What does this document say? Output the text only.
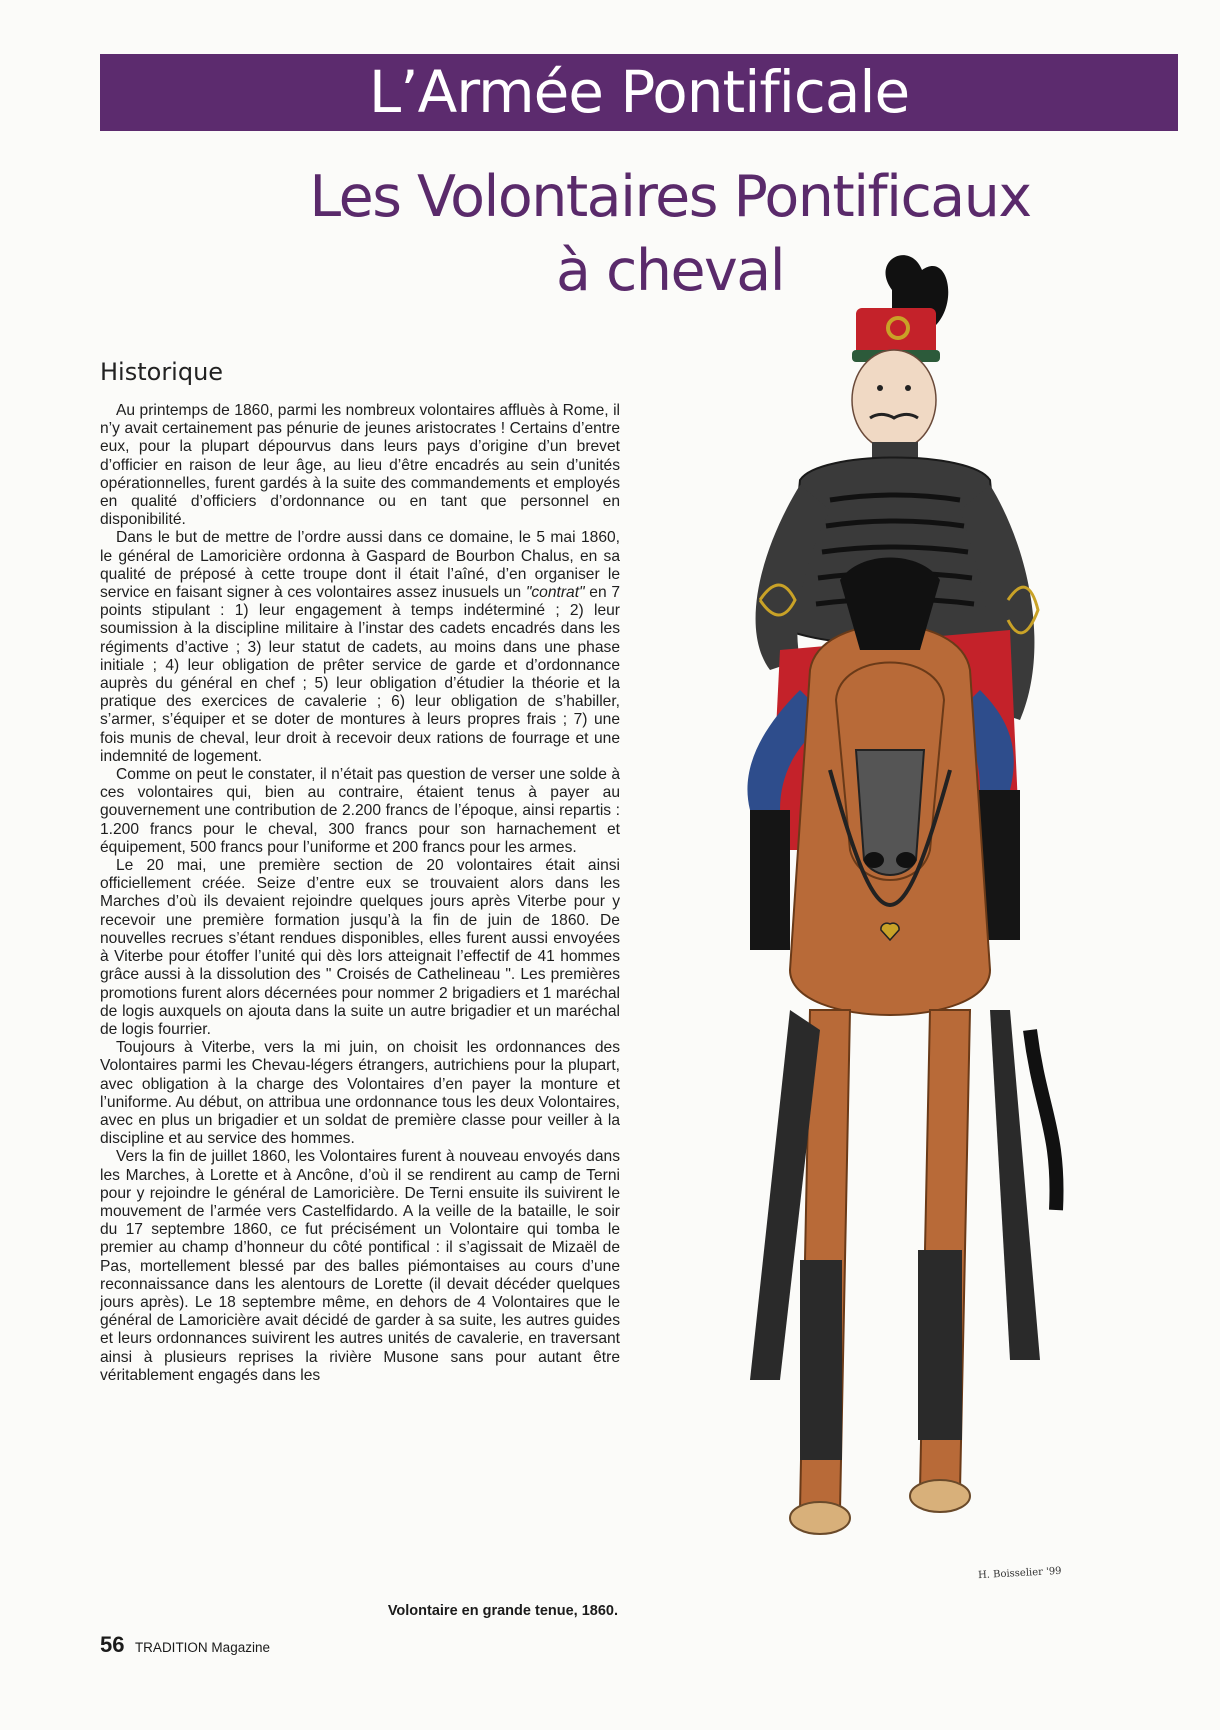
L’Armée Pontificale
Les Volontaires Pontificaux
à cheval
Historique

Au printemps de 1860, parmi les nombreux volontaires affluès à Rome, il n’y avait certainement pas pénurie de jeunes aristocrates ! Certains d’entre eux, pour la plupart dépourvus dans leurs pays d’origine d’un brevet d’officier en raison de leur âge, au lieu d’être encadrés au sein d’unités opérationnelles, furent gardés à la suite des commandements et employés en qualité d’officiers d’ordonnance ou en tant que personnel en disponibilité.

Dans le but de mettre de l’ordre aussi dans ce domaine, le 5 mai 1860, le général de Lamoricière ordonna à Gaspard de Bourbon Chalus, en sa qualité de préposé à cette troupe dont il était l’aîné, d’en organiser le service en faisant signer à ces volontaires assez inusuels un "contrat" en 7 points stipulant : 1) leur engagement à temps indéterminé ; 2) leur soumission à la discipline militaire à l’instar des cadets encadrés dans les régiments d’active ; 3) leur statut de cadets, au moins dans une phase initiale ; 4) leur obligation de prêter service de garde et d’ordonnance auprès du général en chef ; 5) leur obligation d’étudier la théorie et la pratique des exercices de cavalerie ; 6) leur obligation de s’habiller, s’armer, s’équiper et se doter de montures à leurs propres frais ; 7) une fois munis de cheval, leur droit à recevoir deux rations de fourrage et une indemnité de logement.

Comme on peut le constater, il n’était pas question de verser une solde à ces volontaires qui, bien au contraire, étaient tenus à payer au gouvernement une contribution de 2.200 francs de l’époque, ainsi repartis : 1.200 francs pour le cheval, 300 francs pour son harnachement et équipement, 500 francs pour l’uniforme et 200 francs pour les armes.

Le 20 mai, une première section de 20 volontaires était ainsi officiellement créée. Seize d’entre eux se trouvaient alors dans les Marches d’où ils devaient rejoindre quelques jours après Viterbe pour y recevoir une première formation jusqu’à la fin de juin de 1860. De nouvelles recrues s’étant rendues disponibles, elles furent aussi envoyées à Viterbe pour étoffer l’unité qui dès lors atteignait l’effectif de 41 hommes grâce aussi à la dissolution des " Croisés de Cathelineau ". Les premières promotions furent alors décernées pour nommer 2 brigadiers et 1 maréchal de logis auxquels on ajouta dans la suite un autre brigadier et un maréchal de logis fourrier.

Toujours à Viterbe, vers la mi juin, on choisit les ordonnances des Volontaires parmi les Chevau-légers étrangers, autrichiens pour la plupart, avec obligation à la charge des Volontaires d’en payer la monture et l’uniforme. Au début, on attribua une ordonnance tous les deux Volontaires, avec en plus un brigadier et un soldat de première classe pour veiller à la discipline et au service des hommes.

Vers la fin de juillet 1860, les Volontaires furent à nouveau envoyés dans les Marches, à Lorette et à Ancône, d’où il se rendirent au camp de Terni pour y rejoindre le général de Lamoricière. De Terni ensuite ils suivirent le mouvement de l’armée vers Castelfidardo. A la veille de la bataille, le soir du 17 septembre 1860, ce fut précisément un Volontaire qui tomba le premier au champ d’honneur du côté pontifical : il s’agissait de Mizaël de Pas, mortellement blessé par des balles piémontaises au cours d’une reconnaissance dans les alentours de Lorette (il devait décéder quelques jours après). Le 18 septembre même, en dehors de 4 Volontaires que le général de Lamoricière avait décidé de garder à sa suite, les autres guides et leurs ordonnances suivirent les autres unités de cavalerie, en traversant ainsi à plusieurs reprises la rivière Musone sans pour autant être véritablement engagés dans les

H. Boisselier '99
Volontaire en grande tenue, 1860.
56 TRADITION Magazine
